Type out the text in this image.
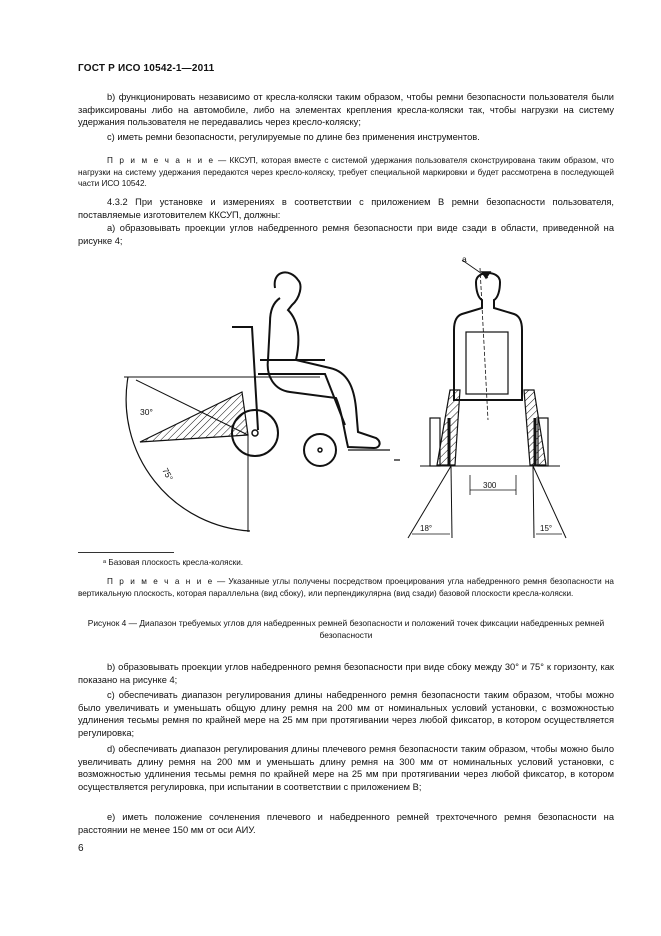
ГОСТ Р ИСО 10542-1—2011
b) функционировать независимо от кресла-коляски таким образом, чтобы ремни безопасности пользователя были зафиксированы либо на автомобиле, либо на элементах крепления кресла-коляски так, чтобы нагрузки на систему удержания пользователя не передавались через кресло-коляску;
c) иметь ремни безопасности, регулируемые по длине без применения инструментов.
П р и м е ч а н и е — ККСУП, которая вместе с системой удержания пользователя сконструирована таким образом, что нагрузки на систему удержания передаются через кресло-коляску, требует специальной маркировки и будет рассмотрена в последующей части ИСО 10542.
4.3.2 При установке и измерениях в соответствии с приложением В ремни безопасности пользователя, поставляемые изготовителем ККСУП, должны:
a) образовывать проекции углов набедренного ремня безопасности при виде сзади в области, приведенной на рисунке 4;
30°
75°
a
300
18°	15°
ᵃ Базовая плоскость кресла-коляски.
П р и м е ч а н и е — Указанные углы получены посредством проецирования угла набедренного ремня безопасности на вертикальную плоскость, которая параллельна (вид сбоку), или перпендикулярна (вид сзади) базовой плоскости кресла-коляски.
Рисунок 4 — Диапазон требуемых углов для набедренных ремней безопасности и положений точек фиксации набедренных ремней безопасности
b) образовывать проекции углов набедренного ремня безопасности при виде сбоку между 30° и 75° к горизонту, как показано на рисунке 4;
c) обеспечивать диапазон регулирования длины набедренного ремня безопасности таким образом, чтобы можно было увеличивать и уменьшать общую длину ремня на 200 мм от номинальных условий установки, с возможностью удлинения тесьмы ремня по крайней мере на 25 мм при протягивании через любой фиксатор, в котором осуществляется регулировка;
d) обеспечивать диапазон регулирования длины плечевого ремня безопасности таким образом, чтобы можно было увеличивать длину ремня на 200 мм и уменьшать длину ремня на 300 мм от номинальных условий установки, с возможностью удлинения тесьмы ремня по крайней мере на 25 мм при протягивании через любой фиксатор, в котором осуществляется регулировка, при испытании в соответствии с приложением В;
e) иметь положение сочленения плечевого и набедренного ремней трехточечного ремня безопасности на расстоянии не менее 150 мм от оси АИУ.
6
